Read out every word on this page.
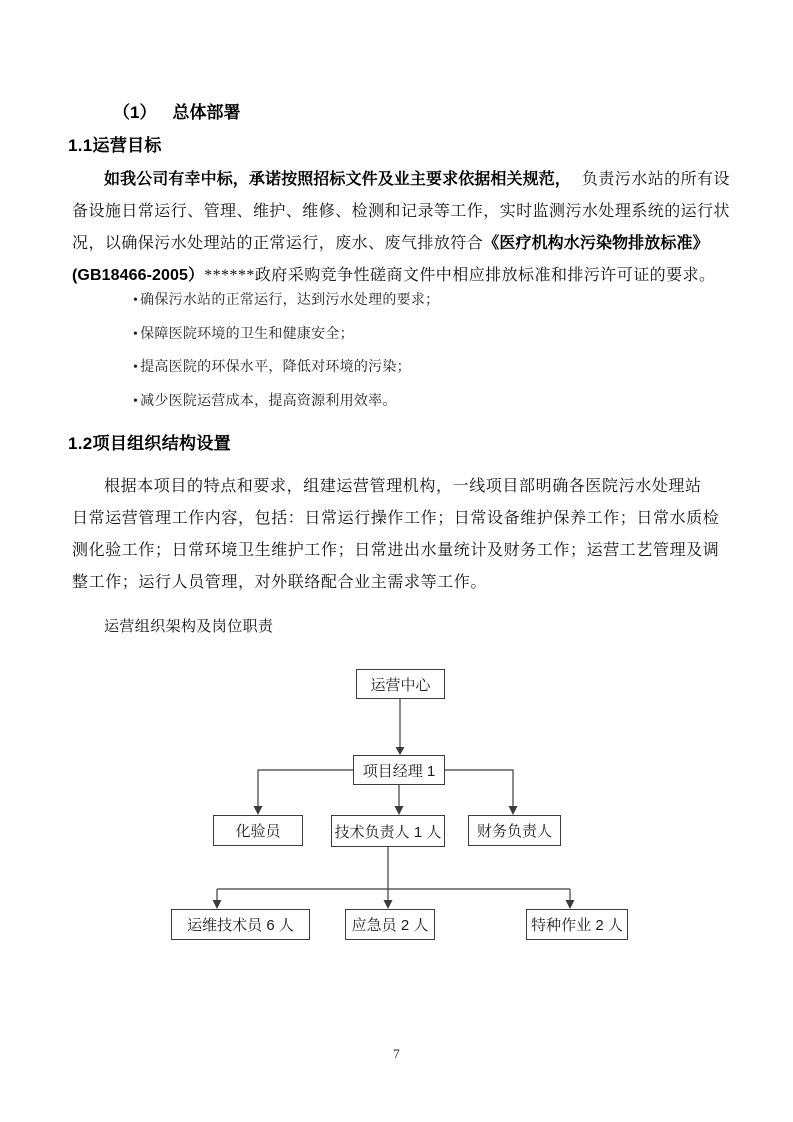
（1） 总体部署
1.1运营目标
如我公司有幸中标，承诺按照招标文件及业主要求依据相关规范， 负责污水站的所有设
备设施日常运行、管理、维护、维修、检测和记录等工作，实时监测污水处理系统的运行状
况，以确保污水处理站的正常运行，废水、废气排放符合《医疗机构水污染物排放标准》
(GB18466-2005）******政府采购竞争性磋商文件中相应排放标准和排污许可证的要求。
• 确保污水站的正常运行，达到污水处理的要求；
• 保障医院环境的卫生和健康安全；
• 提高医院的环保水平，降低对环境的污染；
• 减少医院运营成本，提高资源利用效率。
1.2项目组织结构设置
根据本项目的特点和要求，组建运营管理机构，一线项目部明确各医院污水处理站
日常运营管理工作内容，包括：日常运行操作工作；日常设备维护保养工作；日常水质检
测化验工作；日常环境卫生维护工作；日常进出水量统计及财务工作；运营工艺管理及调
整工作；运行人员管理，对外联络配合业主需求等工作。
运营组织架构及岗位职责
运营中心
项目经理 1
化验员	技术负责人 1 人	财务负责人
运维技术员 6 人	应急员 2 人	特种作业 2 人
7
